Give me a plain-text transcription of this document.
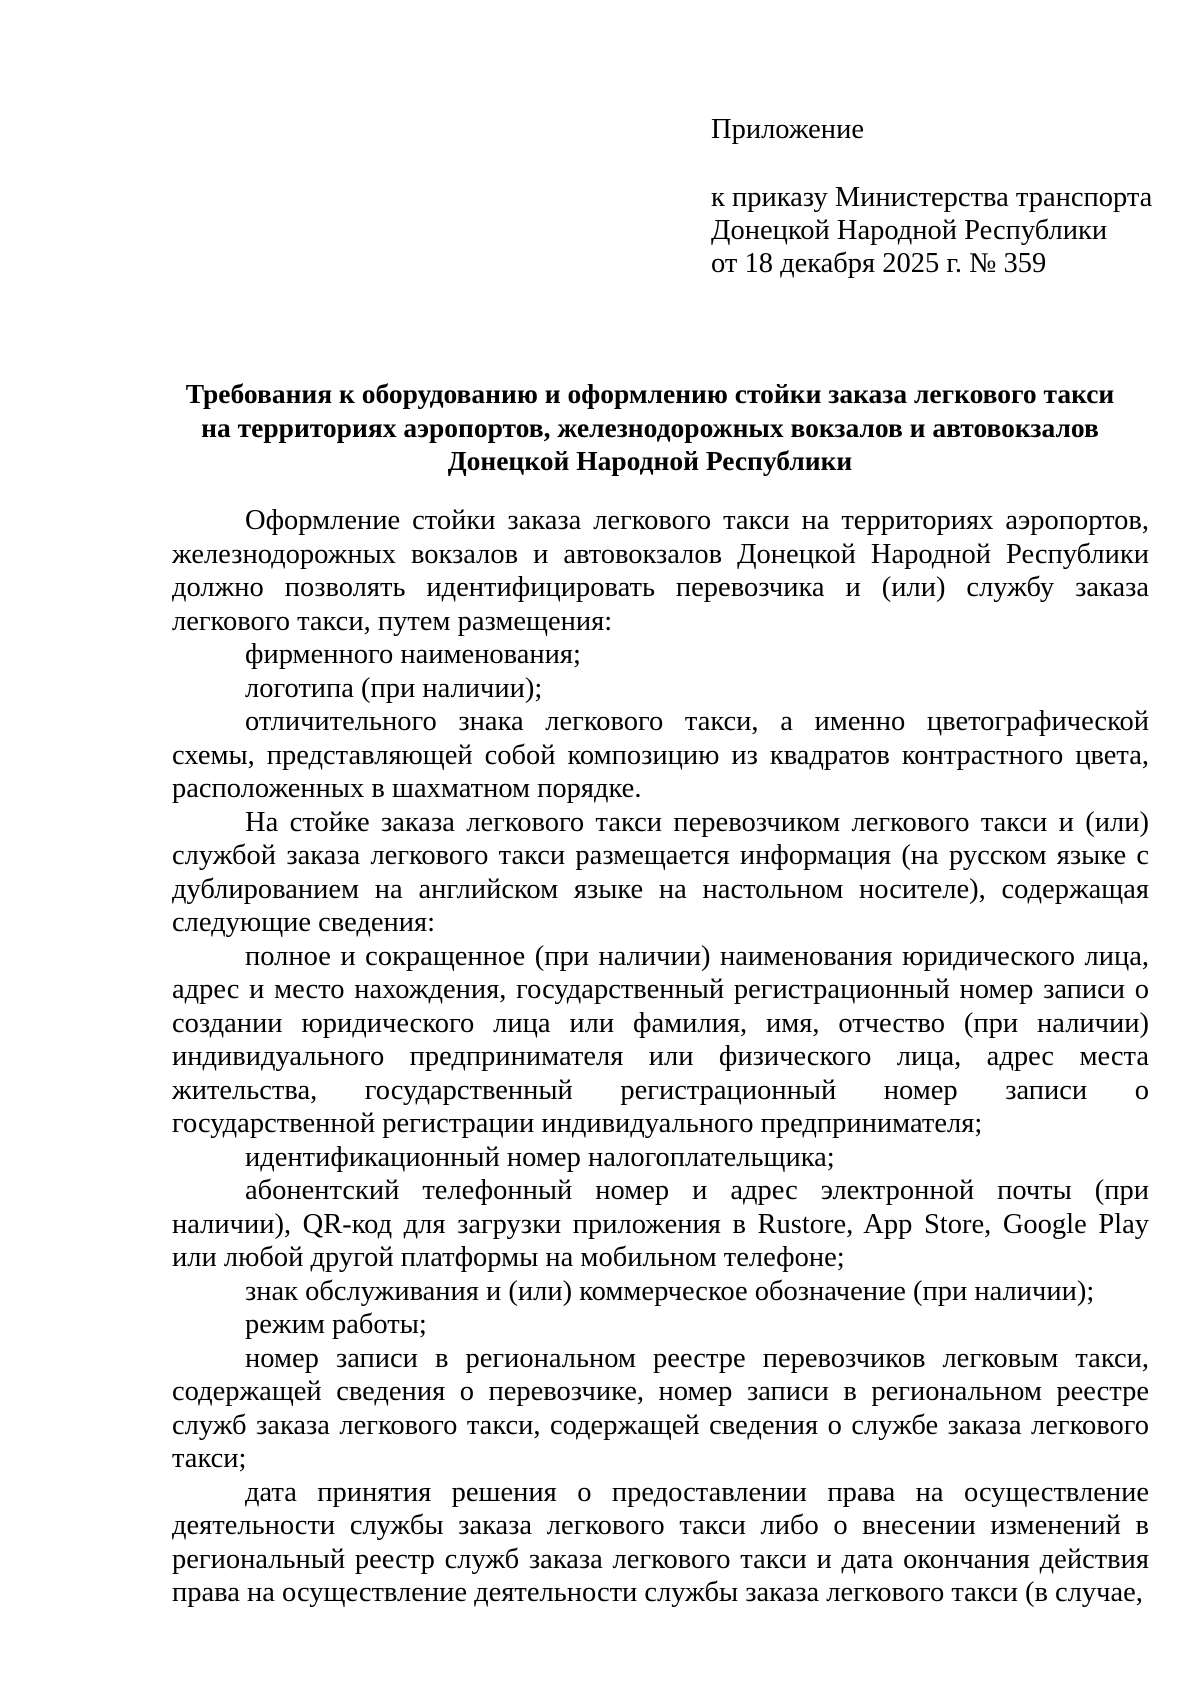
Приложение
к приказу Министерства транспорта
Донецкой Народной Республики
от 18 декабря 2025 г. № 359
Требования к оборудованию и оформлению стойки заказа легкового такси
на территориях аэропортов, железнодорожных вокзалов и автовокзалов
Донецкой Народной Республики

Оформление стойки заказа легкового такси на территориях аэропортов, железнодорожных вокзалов и автовокзалов Донецкой Народной Республики должно позволять идентифицировать перевозчика и (или) службу заказа легкового такси, путем размещения:

фирменного наименования;

логотипа (при наличии);

отличительного знака легкового такси, а именно цветографической схемы, представляющей собой композицию из квадратов контрастного цвета, расположенных в шахматном порядке.

На стойке заказа легкового такси перевозчиком легкового такси и (или) службой заказа легкового такси размещается информация (на русском языке с дублированием на английском языке на настольном носителе), содержащая следующие сведения:

полное и сокращенное (при наличии) наименования юридического лица, адрес и место нахождения, государственный регистрационный номер записи о создании юридического лица или фамилия, имя, отчество (при наличии) индивидуального предпринимателя или физического лица, адрес места жительства, государственный регистрационный номер записи о государственной регистрации индивидуального предпринимателя;

идентификационный номер налогоплательщика;

абонентский телефонный номер и адрес электронной почты (при наличии), QR-код для загрузки приложения в Rustore, App Store, Google Play или любой другой платформы на мобильном телефоне;

знак обслуживания и (или) коммерческое обозначение (при наличии);

режим работы;

номер записи в региональном реестре перевозчиков легковым такси, содержащей сведения о перевозчике, номер записи в региональном реестре служб заказа легкового такси, содержащей сведения о службе заказа легкового такси;

дата принятия решения о предоставлении права на осуществление деятельности службы заказа легкового такси либо о внесении изменений в региональный реестр служб заказа легкового такси и дата окончания действия права на осуществление деятельности службы заказа легкового такси (в случае,
